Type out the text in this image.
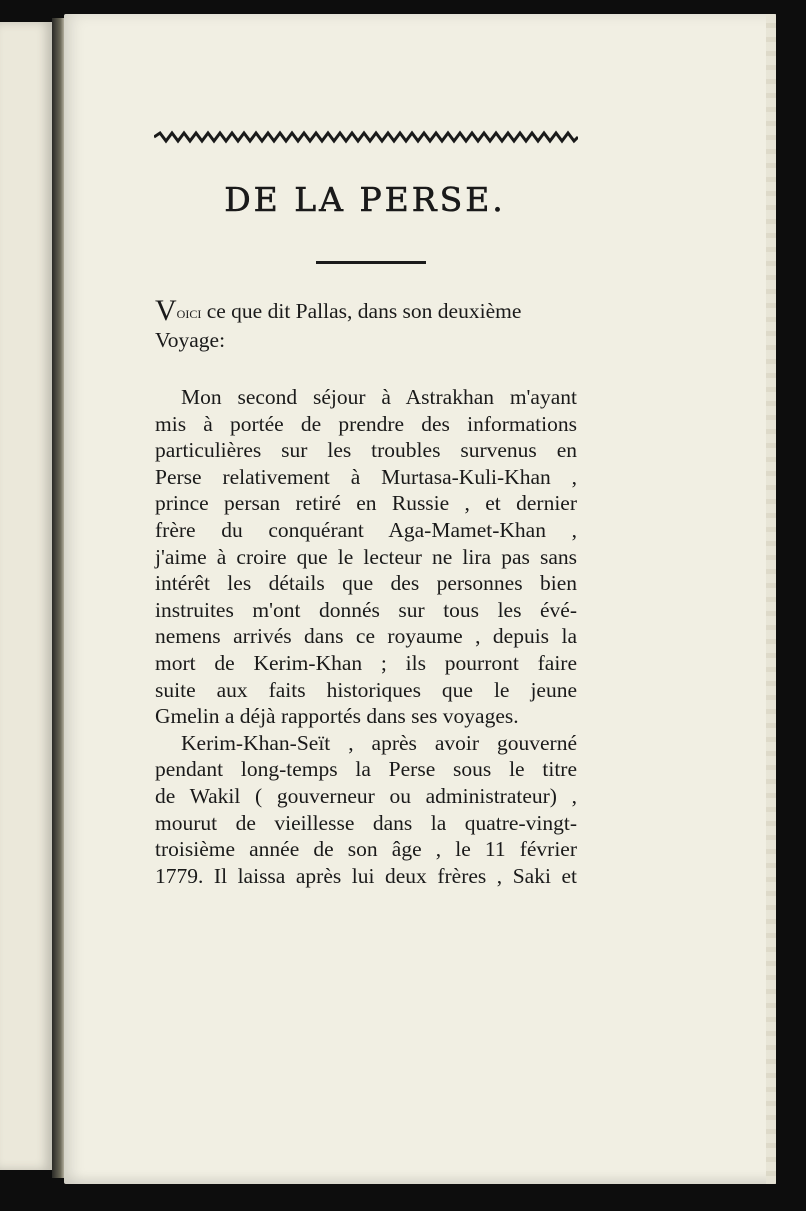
DE LA PERSE.

Voici ce que dit Pallas, dans son deuxième
Voyage:

Mon second séjour à Astrakhan m'ayant
mis à portée de prendre des informations
particulières sur les troubles survenus en
Perse relativement à Murtasa-Kuli-Khan ,
prince persan retiré en Russie , et dernier
frère du conquérant Aga-Mamet-Khan ,
j'aime à croire que le lecteur ne lira pas sans
intérêt les détails que des personnes bien
instruites m'ont donnés sur tous les évé-
nemens arrivés dans ce royaume , depuis la
mort de Kerim-Khan ; ils pourront faire
suite aux faits historiques que le jeune
Gmelin a déjà rapportés dans ses voyages.
Kerim-Khan-Seït , après avoir gouverné
pendant long-temps la Perse sous le titre
de Wakil ( gouverneur ou administrateur) ,
mourut de vieillesse dans la quatre-vingt-
troisième année de son âge , le 11 février
1779. Il laissa après lui deux frères , Saki et
